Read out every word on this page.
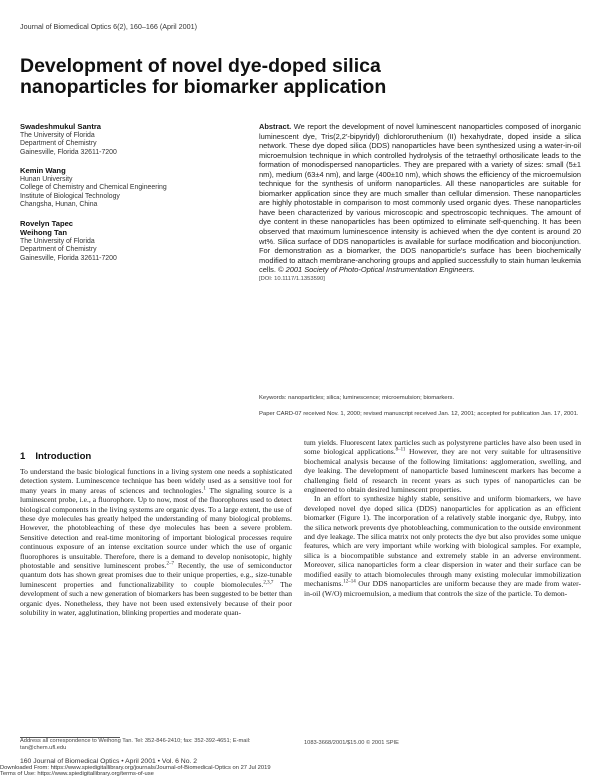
Journal of Biomedical Optics 6(2), 160–166 (April 2001)
Development of novel dye-doped silica nanoparticles for biomarker application
Swadeshmukul Santra
The University of Florida
Department of Chemistry
Gainesville, Florida 32611-7200
Kemin Wang
Hunan University
College of Chemistry and Chemical Engineering
Institute of Biological Technology
Changsha, Hunan, China
Rovelyn Tapec
Weihong Tan
The University of Florida
Department of Chemistry
Gainesville, Florida 32611-7200
Abstract. We report the development of novel luminescent nanoparticles composed of inorganic luminescent dye, Tris(2,2′-bipyridyl) dichlororuthenium (II) hexahydrate, doped inside a silica network. These dye doped silica (DDS) nanoparticles have been synthesized using a water-in-oil microemulsion technique in which controlled hydrolysis of the tetraethyl orthosilicate leads to the formation of monodispersed nanoparticles. They are prepared with a variety of sizes: small (5±1 nm), medium (63±4 nm), and large (400±10 nm), which shows the efficiency of the microemulsion technique for the synthesis of uniform nanoparticles. All these nanoparticles are suitable for biomarker application since they are much smaller than cellular dimension. These nanoparticles are highly photostable in comparison to most commonly used organic dyes. These nanoparticles have been characterized by various microscopic and spectroscopic techniques. The amount of dye content in these nanoparticles has been optimized to eliminate self-quenching. It has been observed that maximum luminescence intensity is achieved when the dye content is around 20 wt%. Silica surface of DDS nanoparticles is available for surface modification and bioconjunction. For demonstration as a biomarker, the DDS nanoparticle's surface has been biochemically modified to attach membrane-anchoring groups and applied successfully to stain human leukemia cells. © 2001 Society of Photo-Optical Instrumentation Engineers.
[DOI: 10.1117/1.1353590]
Keywords: nanoparticles; silica; luminescence; microemulsion; biomarkers.
Paper CARD-07 received Nov. 1, 2000; revised manuscript received Jan. 12, 2001; accepted for publication Jan. 17, 2001.
1 Introduction

To understand the basic biological functions in a living system one needs a sophisticated detection system. Luminescence technique has been widely used as a sensitive tool for many years in many areas of sciences and technologies.$^1$ The signaling source is a luminescent probe, i.e., a fluorophore. Up to now, most of the fluorophores used to detect biological components in the living systems are organic dyes. To a large extent, the use of these dye molecules has greatly helped the understanding of many biological problems. However, the photobleaching of these dye molecules has been a severe problem. Sensitive detection and real-time monitoring of important biological processes require continuous exposure of an intense excitation source under which the use of organic fluorophores is unsuitable. Therefore, there is a demand to develop nonisotopic, highly photostable and sensitive luminescent probes.$^{2-7}$ Recently, the use of semiconductor quantum dots has shown great promises due to their unique properties, e.g., size-tunable luminescent properties and functionalizability to couple biomolecules.$^{2,3,7}$ The development of such a new generation of biomarkers has been suggested to be better than organic dyes. Nonetheless, they have not been used extensively because of their poor solubility in water, agglutination, blinking properties and moderate quan-

tum yields. Fluorescent latex particles such as polystyrene particles have also been used in some biological applications.$^{8-11}$ However, they are not very suitable for ultrasensitive biochemical analysis because of the following limitations: agglomeration, swelling, and dye leaking. The development of nanoparticle based luminescent markers has become a challenging field of research in recent years as such types of nanoparticles can be engineered to obtain desired luminescent properties.

In an effort to synthesize highly stable, sensitive and uniform biomarkers, we have developed novel dye doped silica (DDS) nanoparticles for application as an efficient biomarker (Figure 1). The incorporation of a relatively stable inorganic dye, Rubpy, into the silica network prevents dye photobleaching, communication to the outside environment and dye leakage. The silica matrix not only protects the dye but also provides some unique features, which are very important while working with biological samples. For example, silica is a biocompatible substance and extremely stable in an adverse environment. Moreover, silica nanoparticles form a clear dispersion in water and their surface can be modified easily to attach biomolecules through many existing molecular immobilization mechanisms.$^{12-14}$ Our DDS nanoparticles are uniform because they are made from water-in-oil (W/O) microemulsion, a medium that controls the size of the particle. To demon-

Address all correspondence to Weihong Tan. Tel: 352-846-2410; fax: 352-392-4651; E-mail: tan@chem.ufl.edu
1083-3668/2001/$15.00 © 2001 SPIE
160 Journal of Biomedical Optics • April 2001 • Vol. 6 No. 2
Downloaded From: https://www.spiedigitallibrary.org/journals/Journal-of-Biomedical-Optics on 27 Jul 2019
Terms of Use: https://www.spiedigitallibrary.org/terms-of-use
